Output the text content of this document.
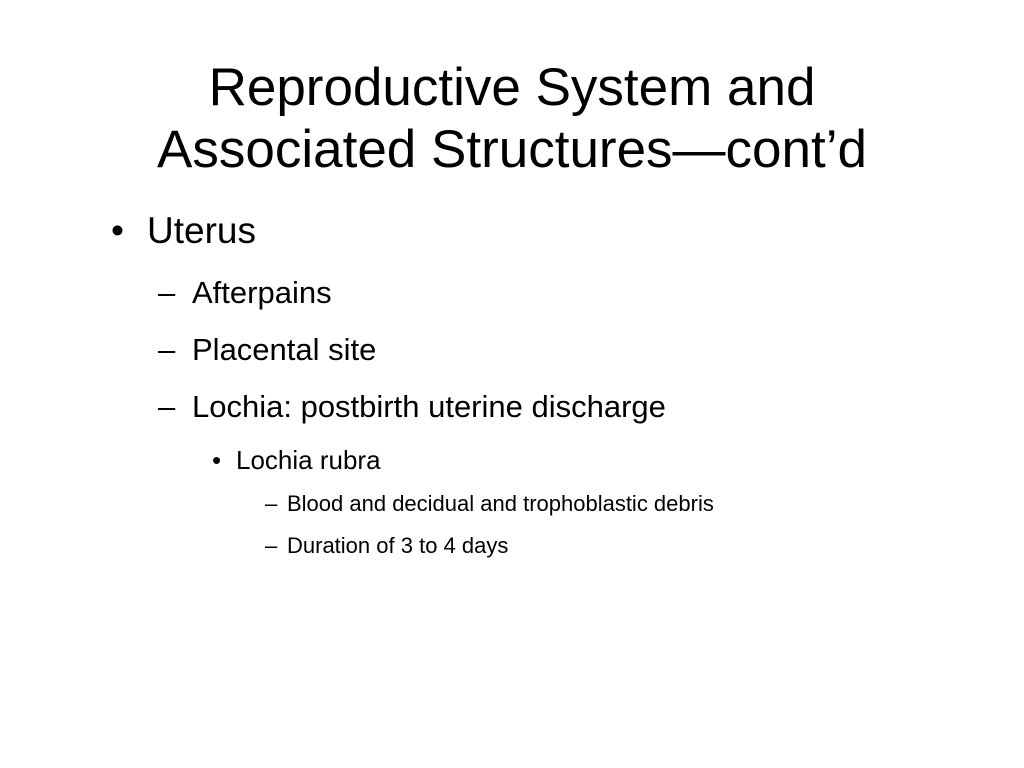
Reproductive System and
Associated Structures—cont’d
• Uterus
– Afterpains
– Placental site
– Lochia: postbirth uterine discharge
• Lochia rubra
– Blood and decidual and trophoblastic debris
– Duration of 3 to 4 days
